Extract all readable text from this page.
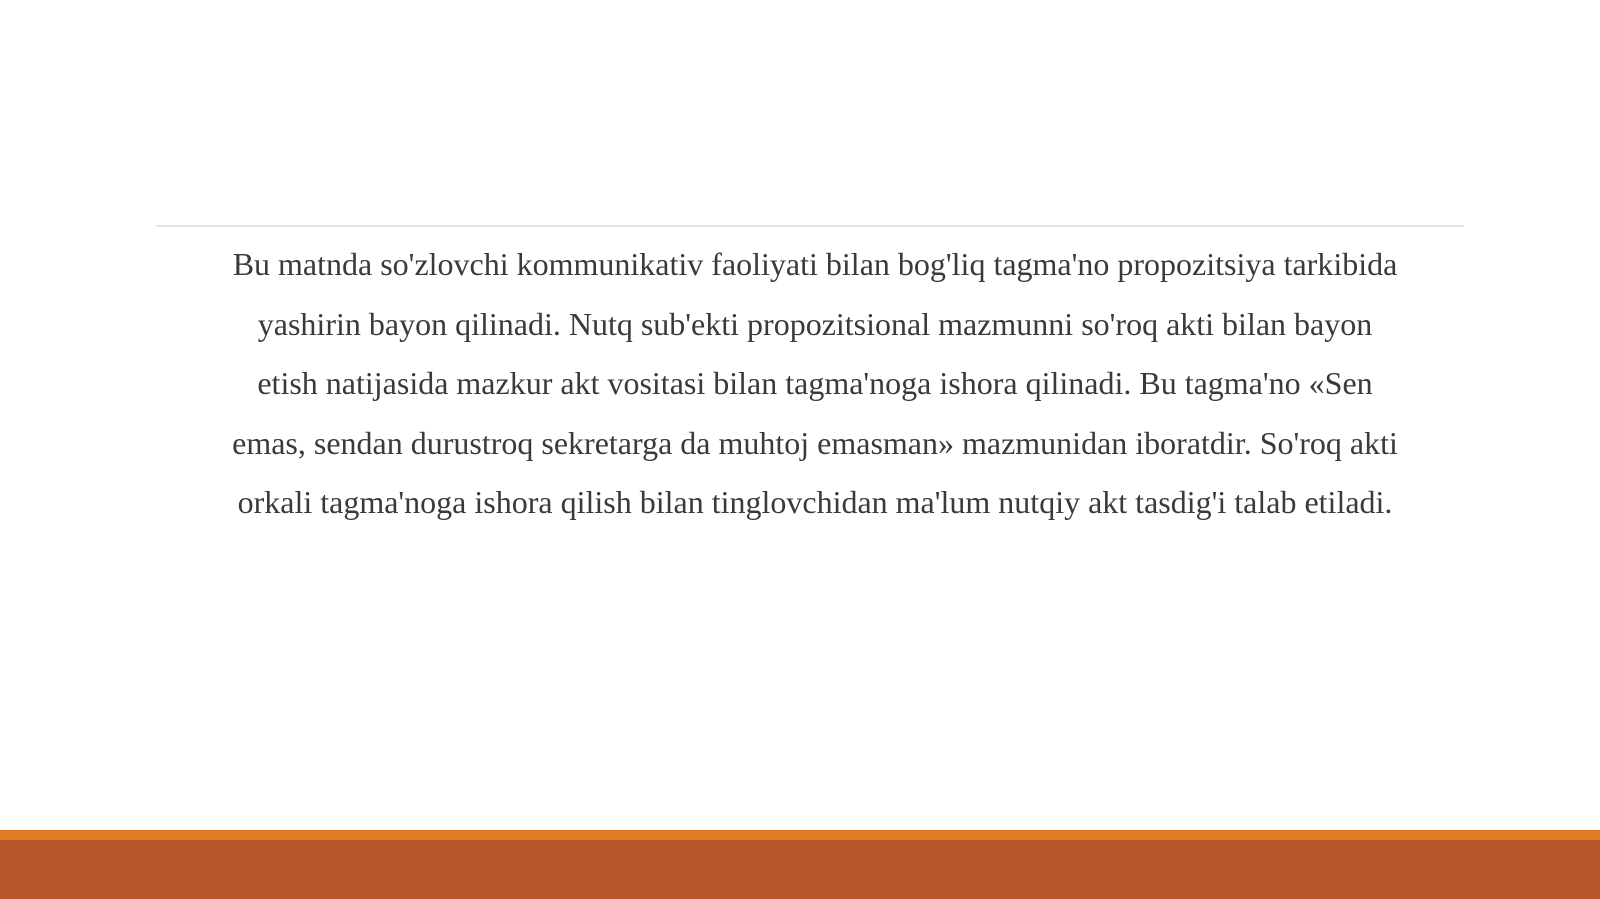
Bu matnda so'zlovchi kommunikativ faoliyati bilan bog'liq tagma'no propozitsiya tarkibida yashirin bayon qilinadi. Nutq sub'ekti propozitsional mazmunni so'roq akti bilan bayon etish natijasida mazkur akt vositasi bilan tagma'noga ishora qilinadi. Bu tagma'no «Sen emas, sendan durustroq sekretarga da muhtoj emasman» mazmunidan iboratdir. So'roq akti orkali tagma'noga ishora qilish bilan tinglovchidan ma'lum nutqiy akt tasdig'i talab etiladi.
